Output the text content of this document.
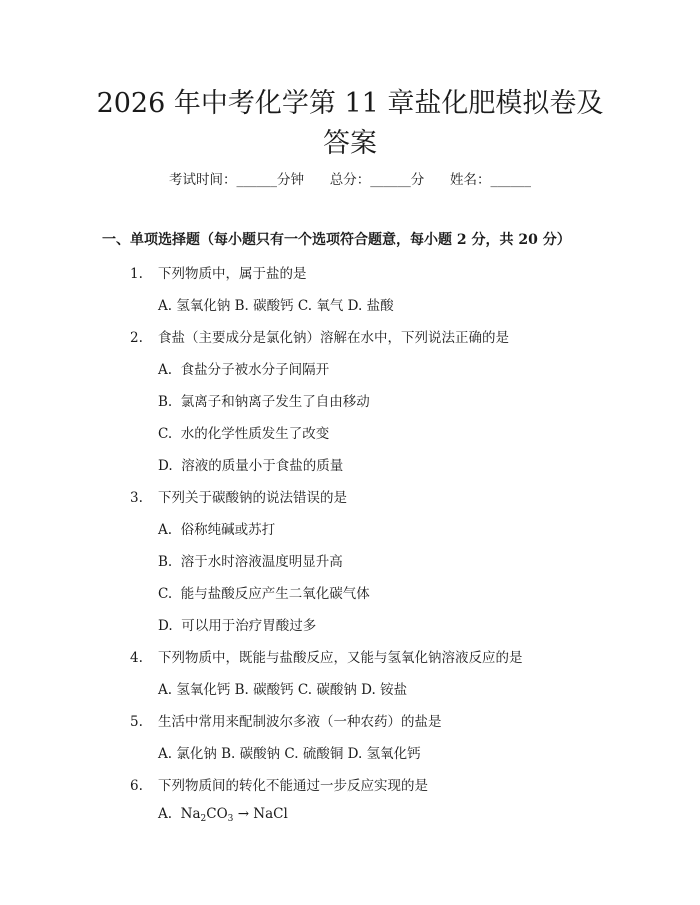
2026 年中考化学第 11 章盐化肥模拟卷及答案
考试时间：______分钟      总分：______分      姓名：______
一、单项选择题（每小题只有一个选项符合题意，每小题 2 分，共 20 分）
1. 下列物质中，属于盐的是
A. 氢氧化钠 B. 碳酸钙 C. 氧气 D. 盐酸
2. 食盐（主要成分是氯化钠）溶解在水中，下列说法正确的是
A.  食盐分子被水分子间隔开
B.  氯离子和钠离子发生了自由移动
C.  水的化学性质发生了改变
D.  溶液的质量小于食盐的质量
3. 下列关于碳酸钠的说法错误的是
A.  俗称纯碱或苏打
B.  溶于水时溶液温度明显升高
C.  能与盐酸反应产生二氧化碳气体
D.  可以用于治疗胃酸过多
4. 下列物质中，既能与盐酸反应，又能与氢氧化钠溶液反应的是
A. 氢氧化钙 B. 碳酸钙 C. 碳酸钠 D. 铵盐
5. 生活中常用来配制波尔多液（一种农药）的盐是
A. 氯化钠 B. 碳酸钠 C. 硫酸铜 D. 氢氧化钙
6. 下列物质间的转化不能通过一步反应实现的是
A. $Na_2CO_3$ → NaCl
